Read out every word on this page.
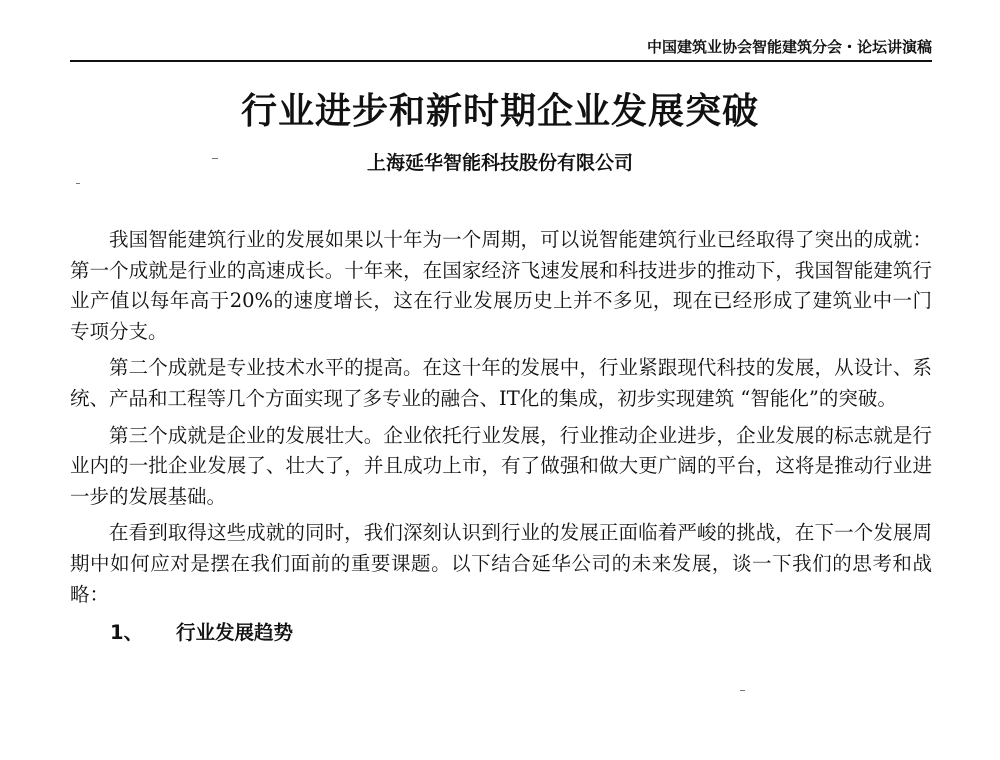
中国建筑业协会智能建筑分会・论坛讲演稿
行业进步和新时期企业发展突破
上海延华智能科技股份有限公司

我国智能建筑行业的发展如果以十年为一个周期，可以说智能建筑行业已经取得了突出的成就：第一个成就是行业的高速成长。十年来，在国家经济飞速发展和科技进步的推动下，我国智能建筑行业产值以每年高于20%的速度增长，这在行业发展历史上并不多见，现在已经形成了建筑业中一门专项分支。

第二个成就是专业技术水平的提高。在这十年的发展中，行业紧跟现代科技的发展，从设计、系统、产品和工程等几个方面实现了多专业的融合、IT化的集成，初步实现建筑 “智能化”的突破。

第三个成就是企业的发展壮大。企业依托行业发展，行业推动企业进步，企业发展的标志就是行业内的一批企业发展了、壮大了，并且成功上市，有了做强和做大更广阔的平台，这将是推动行业进一步的发展基础。

在看到取得这些成就的同时，我们深刻认识到行业的发展正面临着严峻的挑战，在下一个发展周期中如何应对是摆在我们面前的重要课题。以下结合延华公司的未来发展，谈一下我们的思考和战略：

1、 行业发展趋势
